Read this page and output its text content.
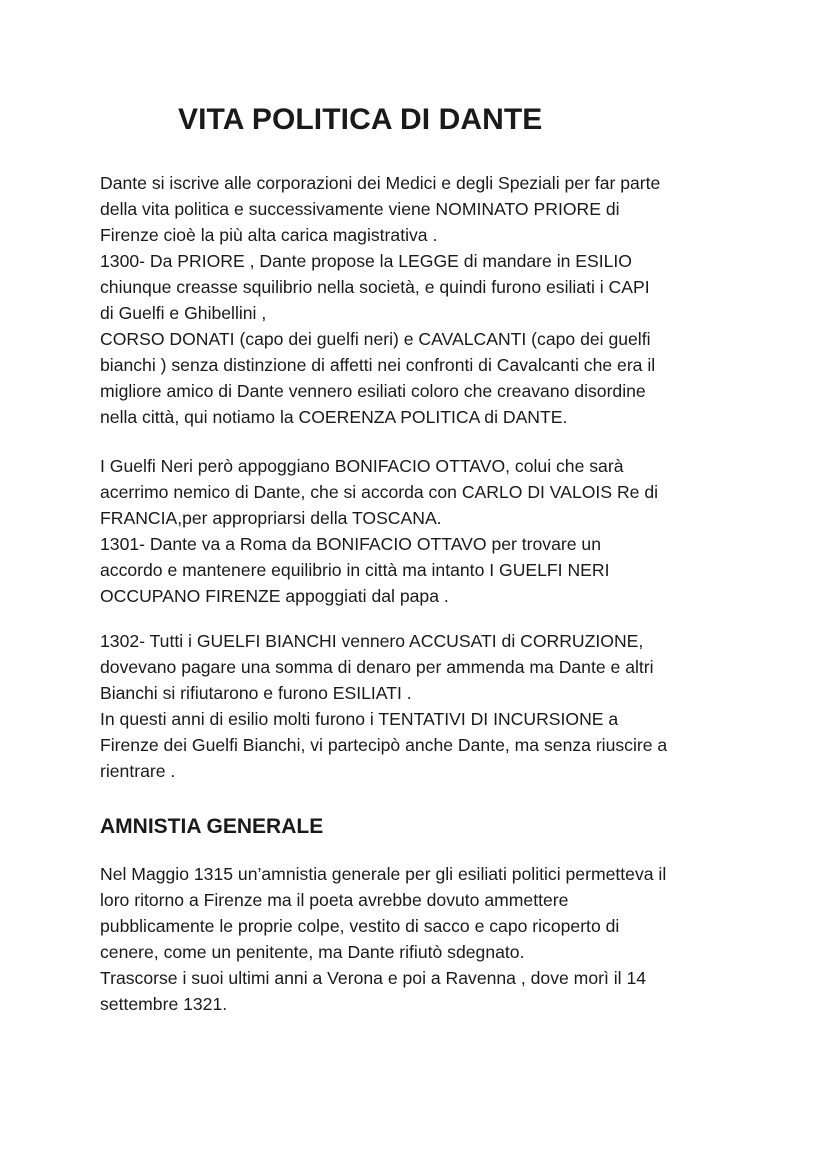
VITA POLITICA DI DANTE

Dante si iscrive alle corporazioni dei Medici e degli Speziali per far parte
della vita politica e successivamente viene NOMINATO PRIORE di
Firenze cioè la più alta carica magistrativa .
1300- Da PRIORE , Dante propose la LEGGE di mandare in ESILIO
chiunque creasse squilibrio nella società, e quindi furono esiliati i CAPI
di Guelfi e Ghibellini ,
CORSO DONATI (capo dei guelfi neri) e CAVALCANTI (capo dei guelfi
bianchi ) senza distinzione di affetti nei confronti di Cavalcanti che era il
migliore amico di Dante vennero esiliati coloro che creavano disordine
nella città, qui notiamo la COERENZA POLITICA di DANTE.

I Guelfi Neri però appoggiano BONIFACIO OTTAVO, colui che sarà
acerrimo nemico di Dante, che si accorda con CARLO DI VALOIS Re di
FRANCIA,per appropriarsi della TOSCANA.
1301- Dante va a Roma da BONIFACIO OTTAVO per trovare un
accordo e mantenere equilibrio in città ma intanto I GUELFI NERI
OCCUPANO FIRENZE appoggiati dal papa .

1302- Tutti i GUELFI BIANCHI vennero ACCUSATI di CORRUZIONE,
dovevano pagare una somma di denaro per ammenda ma Dante e altri
Bianchi si rifiutarono e furono ESILIATI .
In questi anni di esilio molti furono i TENTATIVI DI INCURSIONE a
Firenze dei Guelfi Bianchi, vi partecipò anche Dante, ma senza riuscire a
rientrare .

AMNISTIA GENERALE

Nel Maggio 1315 un’amnistia generale per gli esiliati politici permetteva il
loro ritorno a Firenze ma il poeta avrebbe dovuto ammettere
pubblicamente le proprie colpe, vestito di sacco e capo ricoperto di
cenere, come un penitente, ma Dante rifiutò sdegnato.
Trascorse i suoi ultimi anni a Verona e poi a Ravenna , dove morì il 14
settembre 1321.
